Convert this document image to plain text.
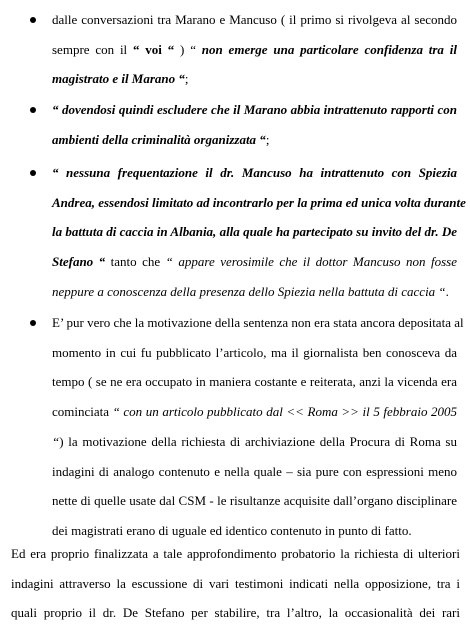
dalle conversazioni tra Marano e Mancuso ( il primo si rivolgeva al secondo
sempre con il “ voi “ ) “ non emerge una particolare confidenza tra il
magistrato e il Marano “;
“ dovendosi quindi escludere che il Marano abbia intrattenuto rapporti con
ambienti della criminalità organizzata “;
“ nessuna frequentazione il dr. Mancuso ha intrattenuto con Spiezia
Andrea, essendosi limitato ad incontrarlo per la prima ed unica volta durante
la battuta di caccia in Albania, alla quale ha partecipato su invito del dr. De
Stefano “ tanto che “ appare verosimile che il dottor Mancuso non fosse
neppure a conoscenza della presenza dello Spiezia nella battuta di caccia “.
E’ pur vero che la motivazione della sentenza non era stata ancora depositata al
momento in cui fu pubblicato l’articolo, ma il giornalista ben conosceva da
tempo ( se ne era occupato in maniera costante e reiterata, anzi la vicenda era
cominciata “ con un articolo pubblicato dal << Roma >> il 5 febbraio 2005
“) la motivazione della richiesta di archiviazione della Procura di Roma su
indagini di analogo contenuto e nella quale – sia pure con espressioni meno
nette di quelle usate dal CSM - le risultanze acquisite dall’organo disciplinare
dei magistrati erano di uguale ed identico contenuto in punto di fatto.
Ed era proprio finalizzata a tale approfondimento probatorio la richiesta di ulteriori
indagini attraverso la escussione di vari testimoni indicati nella opposizione, tra i
quali proprio il dr. De Stefano per stabilire, tra l’altro, la occasionalità dei rari
